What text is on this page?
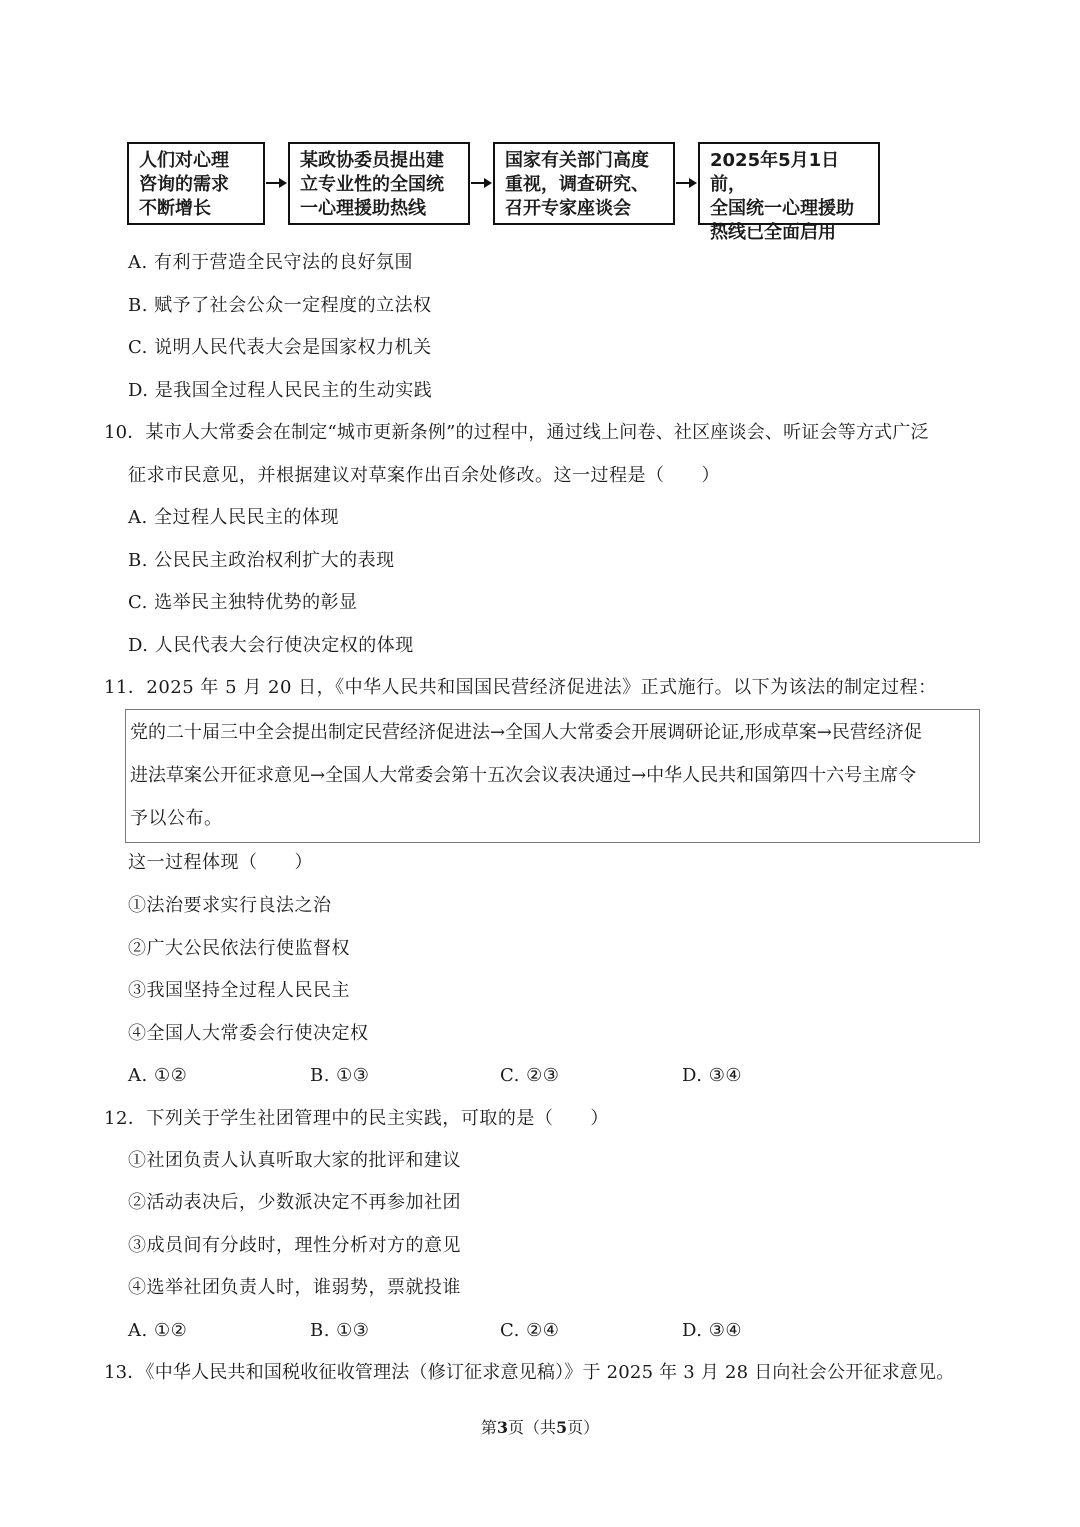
人们对心理
咨询的需求
不断增长
某政协委员提出建
立专业性的全国统
一心理援助热线
国家有关部门高度
重视，调查研究、
召开专家座谈会
2025年5月1日前，
全国统一心理援助
热线已全面启用
A. 有利于营造全民守法的良好氛围
B. 赋予了社会公众一定程度的立法权
C. 说明人民代表大会是国家权力机关
D. 是我国全过程人民民主的生动实践
10．某市人大常委会在制定“城市更新条例”的过程中，通过线上问卷、社区座谈会、听证会等方式广泛
征求市民意见，并根据建议对草案作出百余处修改。这一过程是（　　）
A. 全过程人民民主的体现
B. 公民民主政治权利扩大的表现
C. 选举民主独特优势的彰显
D. 人民代表大会行使决定权的体现
11．2025 年 5 月 20 日，《中华人民共和国国民营经济促进法》正式施行。以下为该法的制定过程：
党的二十届三中全会提出制定民营经济促进法→全国人大常委会开展调研论证,形成草案→民营经济促
进法草案公开征求意见→全国人大常委会第十五次会议表决通过→中华人民共和国第四十六号主席令
予以公布。
这一过程体现（　　）
①法治要求实行良法之治
②广大公民依法行使监督权
③我国坚持全过程人民民主
④全国人大常委会行使决定权
A. ①②	B. ①③	C. ②③	D. ③④
12．下列关于学生社团管理中的民主实践，可取的是（　　）
①社团负责人认真听取大家的批评和建议
②活动表决后，少数派决定不再参加社团
③成员间有分歧时，理性分析对方的意见
④选举社团负责人时，谁弱势，票就投谁
A. ①②	B. ①③	C. ②④	D. ③④
13．《中华人民共和国税收征收管理法（修订征求意见稿）》于 2025 年 3 月 28 日向社会公开征求意见。
第3页（共5页）
